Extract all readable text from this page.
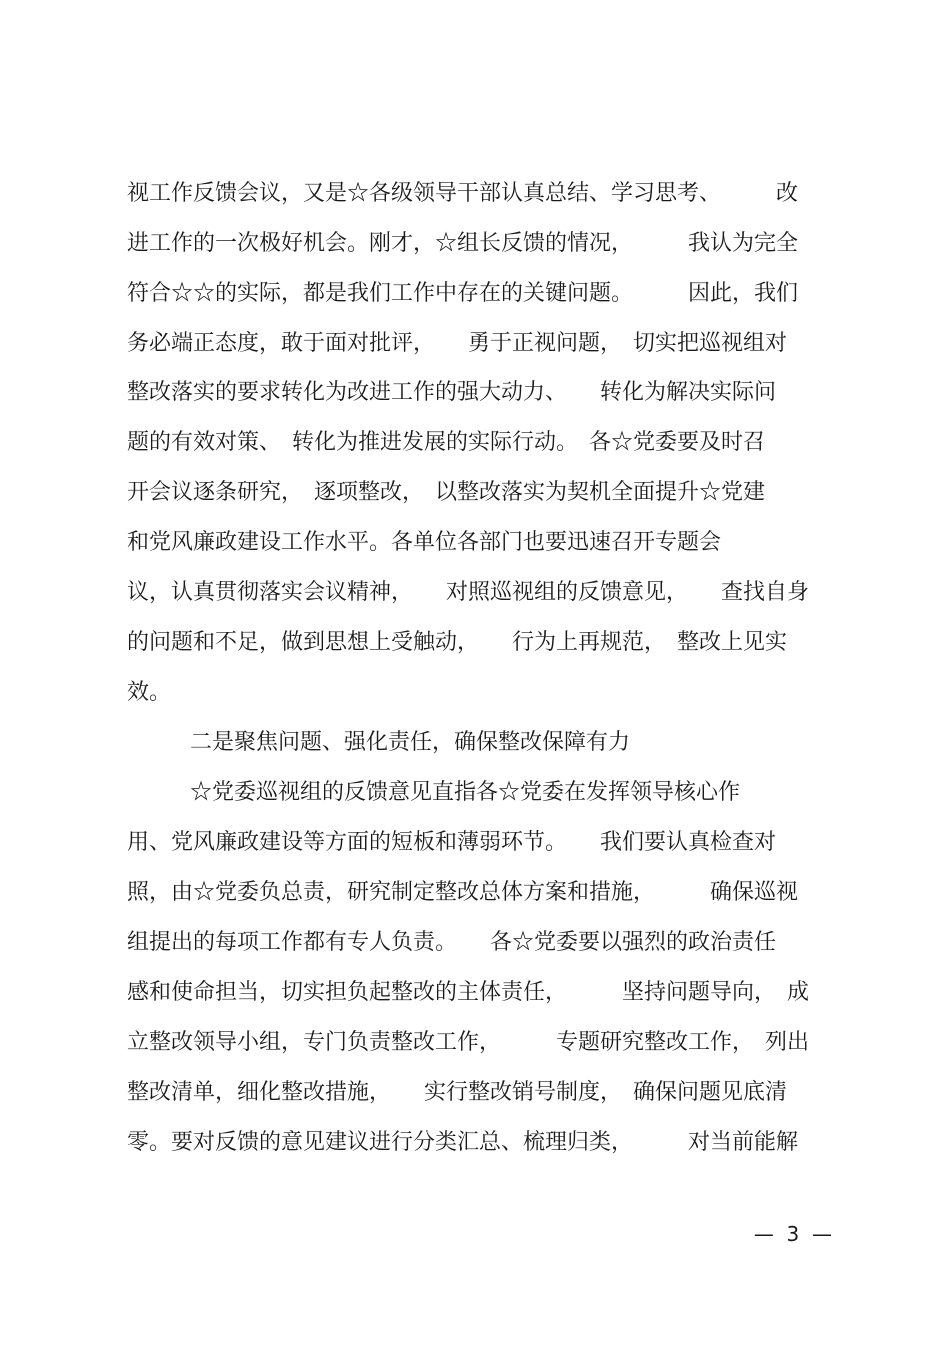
视工作反馈会议，又是☆各级领导干部认真总结、学习思考、　　　改

进工作的一次极好机会。刚才，☆组长反馈的情况，　　　我认为完全

符合☆☆的实际，都是我们工作中存在的关键问题。　　　因此，我们

务必端正态度，敢于面对批评，　　勇于正视问题，　切实把巡视组对

整改落实的要求转化为改进工作的强大动力、　　转化为解决实际问

题的有效对策、　转化为推进发展的实际行动。　各☆党委要及时召

开会议逐条研究，　逐项整改，　以整改落实为契机全面提升☆党建

和党风廉政建设工作水平。各单位各部门也要迅速召开专题会

议，认真贯彻落实会议精神，　　对照巡视组的反馈意见，　　查找自身

的问题和不足，做到思想上受触动，　　行为上再规范，　整改上见实

效。

二是聚焦问题、强化责任，确保整改保障有力

☆党委巡视组的反馈意见直指各☆党委在发挥领导核心作

用、党风廉政建设等方面的短板和薄弱环节。　　我们要认真检查对

照，由☆党委负总责，研究制定整改总体方案和措施，　　　确保巡视

组提出的每项工作都有专人负责。　　各☆党委要以强烈的政治责任

感和使命担当，切实担负起整改的主体责任，　　　坚持问题导向，　成

立整改领导小组，专门负责整改工作，　　　专题研究整改工作，　列出

整改清单，细化整改措施，　　实行整改销号制度，　确保问题见底清

零。要对反馈的意见建议进行分类汇总、梳理归类，　　　对当前能解

—  3  —
